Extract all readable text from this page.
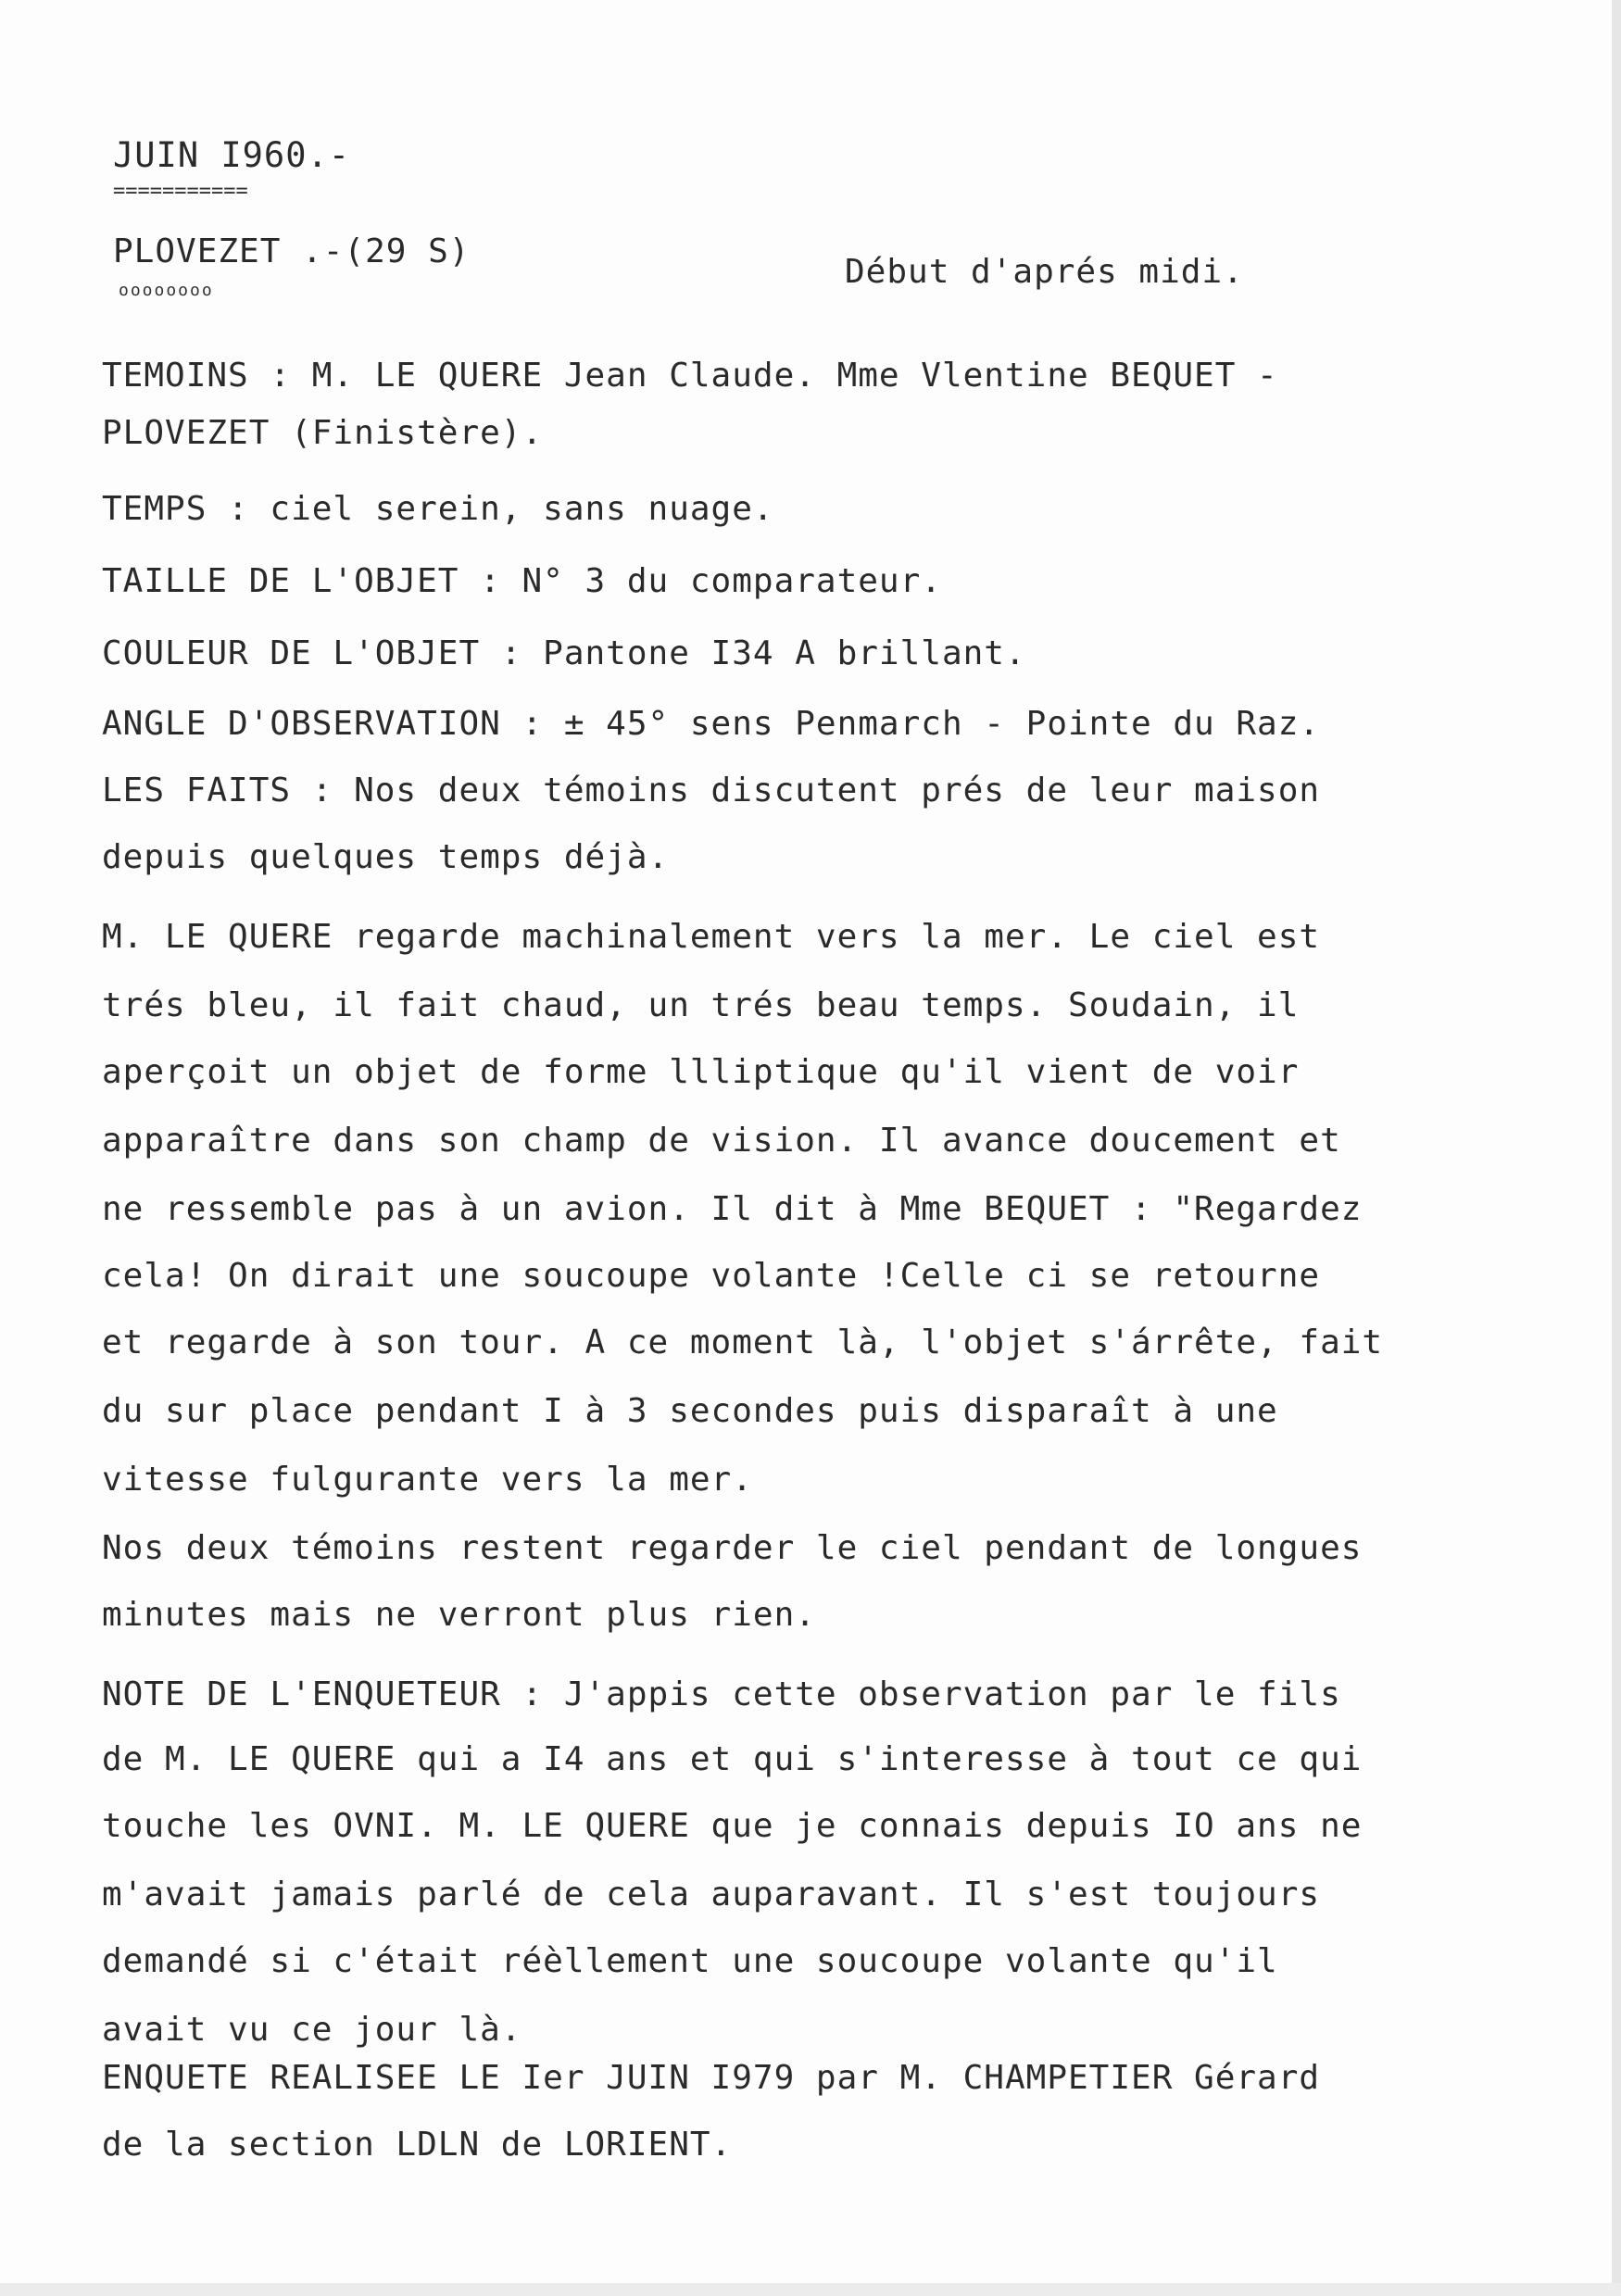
JUIN I960.-
===========
PLOVEZET .-(29 S)
oooooooo	Début d'aprés midi.
TEMOINS : M. LE QUERE Jean Claude. Mme Vlentine BEQUET -
PLOVEZET (Finistère).
TEMPS : ciel serein, sans nuage.
TAILLE DE L'OBJET : N° 3 du comparateur.
COULEUR DE L'OBJET : Pantone I34 A brillant.
ANGLE D'OBSERVATION : ± 45° sens Penmarch - Pointe du Raz.
LES FAITS : Nos deux témoins discutent prés de leur maison
depuis quelques temps déjà.
M. LE QUERE regarde machinalement vers la mer. Le ciel est
trés bleu, il fait chaud, un trés beau temps. Soudain, il
aperçoit un objet de forme llliptique qu'il vient de voir
apparaître dans son champ de vision. Il avance doucement et
ne ressemble pas à un avion. Il dit à Mme BEQUET : "Regardez
cela! On dirait une soucoupe volante !Celle ci se retourne
et regarde à son tour. A ce moment là, l'objet s'árrête, fait
du sur place pendant I à 3 secondes puis disparaît à une
vitesse fulgurante vers la mer.
Nos deux témoins restent regarder le ciel pendant de longues
minutes mais ne verront plus rien.
NOTE DE L'ENQUETEUR : J'appis cette observation par le fils
de M. LE QUERE qui a I4 ans et qui s'interesse à tout ce qui
touche les OVNI. M. LE QUERE que je connais depuis IO ans ne
m'avait jamais parlé de cela auparavant. Il s'est toujours
demandé si c'était réèllement une soucoupe volante qu'il
avait vu ce jour là.
ENQUETE REALISEE LE Ier JUIN I979 par M. CHAMPETIER Gérard
de la section LDLN de LORIENT.
